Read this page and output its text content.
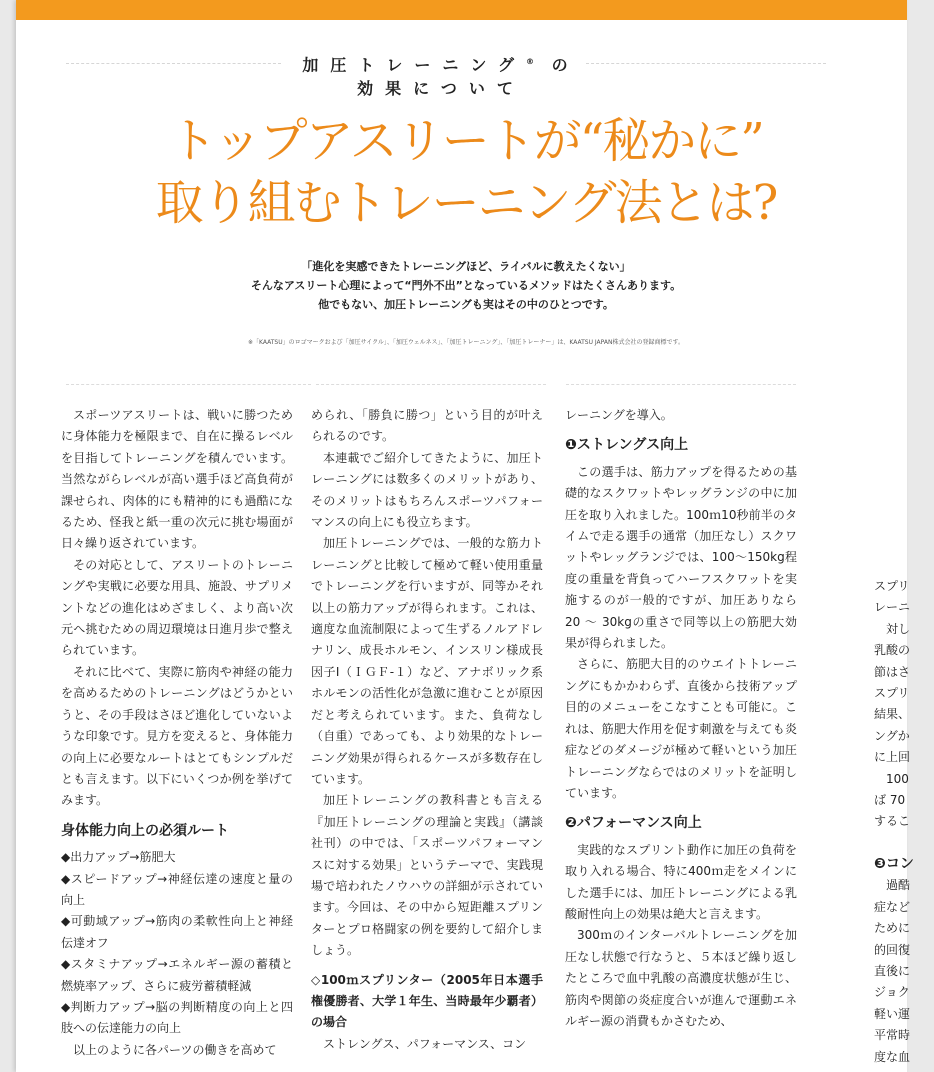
加圧トレーニング® の
効果について
トップアスリートが“秘かに”
取り組むトレーニング法とは?
「進化を実感できたトレーニングほど、ライバルに教えたくない」
そんなアスリート心理によって“門外不出”となっているメソッドはたくさんあります。
他でもない、加圧トレーニングも実はその中のひとつです。
※「KAATSU」のロゴマークおよび「加圧サイクル」、「加圧ウェルネス」、「加圧トレーニング」、「加圧トレーナー」は、KAATSU JAPAN株式会社の登録商標です。

スポーツアスリートは、戦いに勝つために身体能力を極限まで、自在に操るレベルを目指してトレーニングを積んでいます。当然ながらレベルが高い選手ほど高負荷が課せられ、肉体的にも精神的にも過酷になるため、怪我と紙一重の次元に挑む場面が日々繰り返されています。

その対応として、アスリートのトレーニングや実戦に必要な用具、施設、サプリメントなどの進化はめざましく、より高い次元へ挑むための周辺環境は日進月歩で整えられています。

それに比べて、実際に筋肉や神経の能力を高めるためのトレーニングはどうかというと、その手段はさほど進化していないような印象です。見方を変えると、身体能力の向上に必要なルートはとてもシンプルだとも言えます。以下にいくつか例を挙げてみます。

身体能力向上の必須ルート

◆出力アップ→筋肥大

◆スピードアップ→神経伝達の速度と量の向上

◆可動域アップ→筋肉の柔軟性向上と神経伝達オフ

◆スタミナアップ→エネルギー源の蓄積と燃焼率アップ、さらに疲労蓄積軽減

◆判断力アップ→脳の判断精度の向上と四肢への伝達能力の向上

以上のように各パーツの働きを高めて

められ、「勝負に勝つ」という目的が叶えられるのです。

本連載でご紹介してきたように、加圧トレーニングには数多くのメリットがあり、そのメリットはもちろんスポーツパフォーマンスの向上にも役立ちます。

加圧トレーニングでは、一般的な筋力トレーニングと比較して極めて軽い使用重量でトレーニングを行いますが、同等かそれ以上の筋力アップが得られます。これは、適度な血流制限によって生ずるノルアドレナリン、成長ホルモン、インスリン様成長因子Ⅰ（ＩＧＦ-１）など、アナボリック系ホルモンの活性化が急激に進むことが原因だと考えられています。また、負荷なし（自重）であっても、より効果的なトレーニング効果が得られるケースが多数存在しています。

加圧トレーニングの教科書とも言える『加圧トレーニングの理論と実践』（講談社刊）の中では、「スポーツパフォーマンスに対する効果」というテーマで、実践現場で培われたノウハウの詳細が示されています。今回は、その中から短距離スプリンターとプロ格闘家の例を要約して紹介しましょう。

◇100ｍスプリンター（2005年日本選手権優勝者、大学１年生、当時最年少覇者）の場合

ストレングス、パフォーマンス、コン

レーニングを導入。

❶ストレングス向上

この選手は、筋力アップを得るための基礎的なスクワットやレッグランジの中に加圧を取り入れました。100ｍ10秒前半のタイムで走る選手の通常（加圧なし）スクワットやレッグランジでは、100～150kg程度の重量を背負ってハーフスクワットを実施するのが一般的ですが、加圧ありなら 20 ～ 30kgの重さで同等以上の筋肥大効果が得られました。

さらに、筋肥大目的のウエイトトレーニングにもかかわらず、直後から技術アップ目的のメニューをこなすことも可能に。これは、筋肥大作用を促す刺激を与えても炎症などのダメージが極めて軽いという加圧トレーニングならではのメリットを証明しています。

❷パフォーマンス向上

実践的なスプリント動作に加圧の負荷を取り入れる場合、特に400ｍ走をメインにした選手には、加圧トレーニングによる乳酸耐性向上の効果は絶大と言えます。

300ｍのインターバルトレーニングを加圧なし状態で行なうと、５本ほど繰り返したところで血中乳酸の高濃度状態が生じ、筋肉や関節の炎症度合いが進んで運動エネルギー源の消費もかさむため、

スプリ
レーニ
　対し
乳酸の
節はさ
スプリ
結果、
ングか
に上回
　100
ば 70
するこ
❸コン
　過酷
症など
ために
的回復
直後に
ジョク
軽い運
平常時
度な血
